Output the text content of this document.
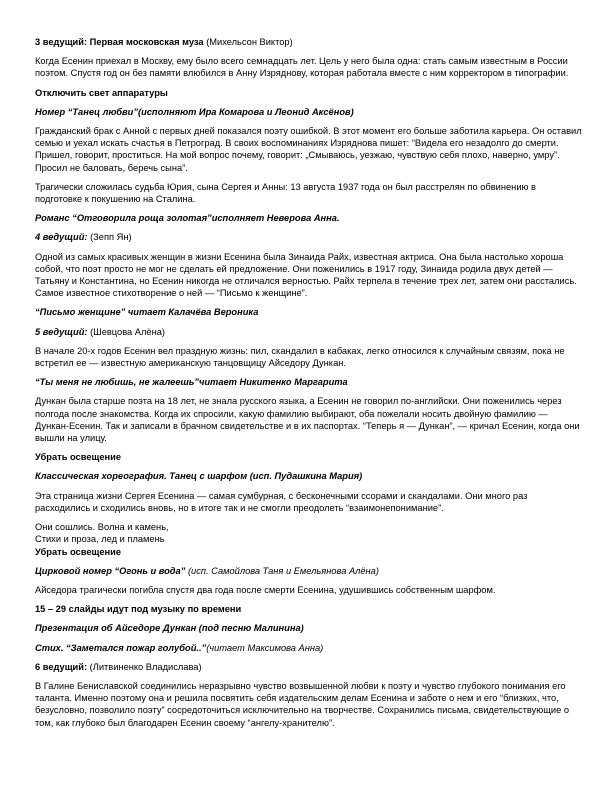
3 ведущий: Первая московская муза (Михельсон Виктор)

Когда Есенин приехал в Москву, ему было всего семнадцать лет. Цель у него была одна: стать самым известным в России поэтом. Спустя год он без памяти влюбился в Анну Изряднову, которая работала вместе с ним корректором в типографии.

Отключить свет аппаратуры

Номер “Танец любви”(исполняют Ира Комарова и Леонид Аксёнов)

Гражданский брак с Анной с первых дней показался поэту ошибкой. В этот момент его больше заботила карьера. Он оставил семью и уехал искать счастья в Петроград. В своих воспоминаниях Изряднова пишет: “Видела его незадолго до смерти. Пришел, говорит, проститься. На мой вопрос почему, говорит: „Смываюсь, уезжаю, чувствую себя плохо, наверно, умру”. Просил не баловать, беречь сына”.

Трагически сложилась судьба Юрия, сына Сергея и Анны: 13 августа 1937 года он был расстрелян по обвинению в подготовке к покушению на Сталина.

Романс “Отговорила роща золотая”исполняет Неверова Анна.

4 ведущий: (Зепп Ян)

Одной из самых красивых женщин в жизни Есенина была Зинаида Райх, известная актриса. Она была настолько хороша собой, что поэт просто не мог не сделать ей предложение. Они поженились в 1917 году, Зинаида родила двух детей — Татьяну и Константина, но Есенин никогда не отличался верностью. Райх терпела в течение трех лет, затем они расстались. Самое известное стихотворение о ней — “Письмо к женщине”.

“Письмо женщине” читает Калачёва Вероника

5 ведущий: (Шевцова Алёна)

В начале 20-х годов Есенин вел праздную жизнь: пил, скандалил в кабаках, легко относился к случайным связям, пока не встретил ее — известную американскую танцовщицу Айседору Дункан.

“Ты меня не любишь, не жалеешь”читает Никитенко Маргарита

Дункан была старше поэта на 18 лет, не знала русского языка, а Есенин не говорил по-английски. Они поженились через полгода после знакомства. Когда их спросили, какую фамилию выбирают, оба пожелали носить двойную фамилию — Дункан-Есенин. Так и записали в брачном свидетельстве и в их паспортах. “Теперь я — Дункан”, — кричал Есенин, когда они вышли на улицу.

Убрать освещение

Классическая хореография. Танец с шарфом (исп. Пудашкина Мария)

Эта страница жизни Сергея Есенина — самая сумбурная, с бесконечными ссорами и скандалами. Они много раз расходились и сходились вновь, но в итоге так и не смогли преодолеть “взаимонепонимание”.

Они сошлись. Волна и камень,

Стихи и проза, лед и пламень

Убрать освещение

Цирковой номер “Огонь и вода” (исп. Самойлова Таня и Емельянова Алёна)

Айседора трагически погибла спустя два года после смерти Есенина, удушившись собственным шарфом.

15 – 29 слайды идут под музыку по времени

Презентация об Айседоре Дункан (под песню Малинина)

Стих. “Заметался пожар голубой..”(читает Максимова Анна)

6 ведущий: (Литвиненко Владислава)

В Галине Бениславской соединились неразрывно чувство возвышенной любви к поэту и чувство глубокого понимания его таланта. Именно поэтому она и решила посвятить себя издательским делам Есенина и заботе о нем и его “близких, что, безусловно, позволило поэту” сосредоточиться исключительно на творчестве. Сохранились письма, свидетельствующие о том, как глубоко был благодарен Есенин своему “ангелу-хранителю”.
